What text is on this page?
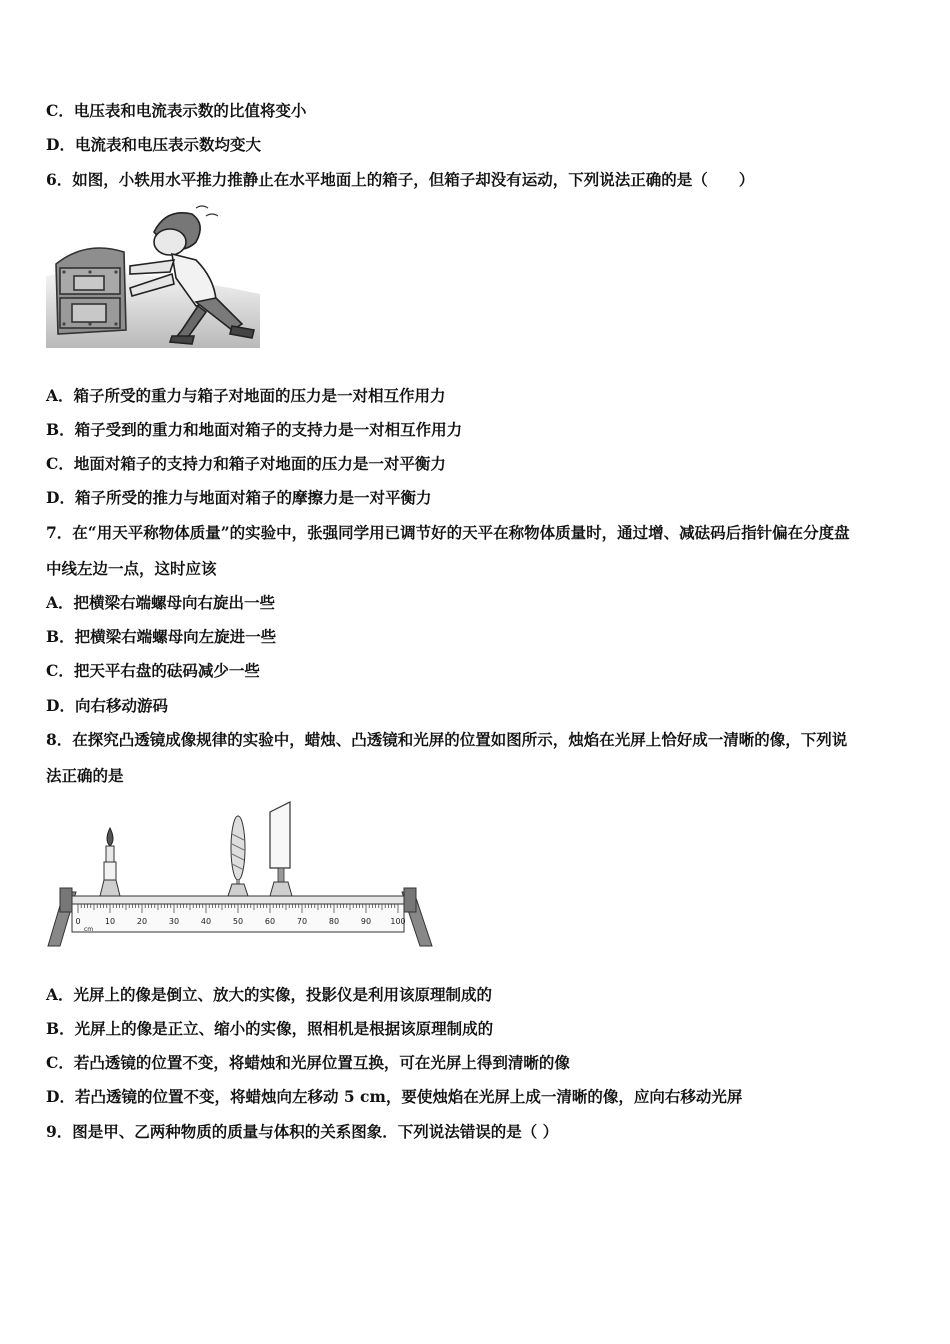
C．电压表和电流表示数的比值将变小
D．电流表和电压表示数均变大
6．如图，小轶用水平推力推静止在水平地面上的箱子，但箱子却没有运动，下列说法正确的是（　　）
A．箱子所受的重力与箱子对地面的压力是一对相互作用力
B．箱子受到的重力和地面对箱子的支持力是一对相互作用力
C．地面对箱子的支持力和箱子对地面的压力是一对平衡力
D．箱子所受的推力与地面对箱子的摩擦力是一对平衡力
7．在“用天平称物体质量”的实验中，张强同学用已调节好的天平在称物体质量时，通过增、减砝码后指针偏在分度盘
中线左边一点，这时应该
A．把横梁右端螺母向右旋出一些
B．把横梁右端螺母向左旋进一些
C．把天平右盘的砝码减少一些
D．向右移动游码
8．在探究凸透镜成像规律的实验中，蜡烛、凸透镜和光屏的位置如图所示，烛焰在光屏上恰好成一清晰的像，下列说
法正确的是
0	10	20	30	40	50	60	70	80	90 100
cm
A．光屏上的像是倒立、放大的实像，投影仪是利用该原理制成的
B．光屏上的像是正立、缩小的实像，照相机是根据该原理制成的
C．若凸透镜的位置不变，将蜡烛和光屏位置互换，可在光屏上得到清晰的像
D．若凸透镜的位置不变，将蜡烛向左移动 5 cm，要使烛焰在光屏上成一清晰的像，应向右移动光屏
9．图是甲、乙两种物质的质量与体积的关系图象．下列说法错误的是（ ）
